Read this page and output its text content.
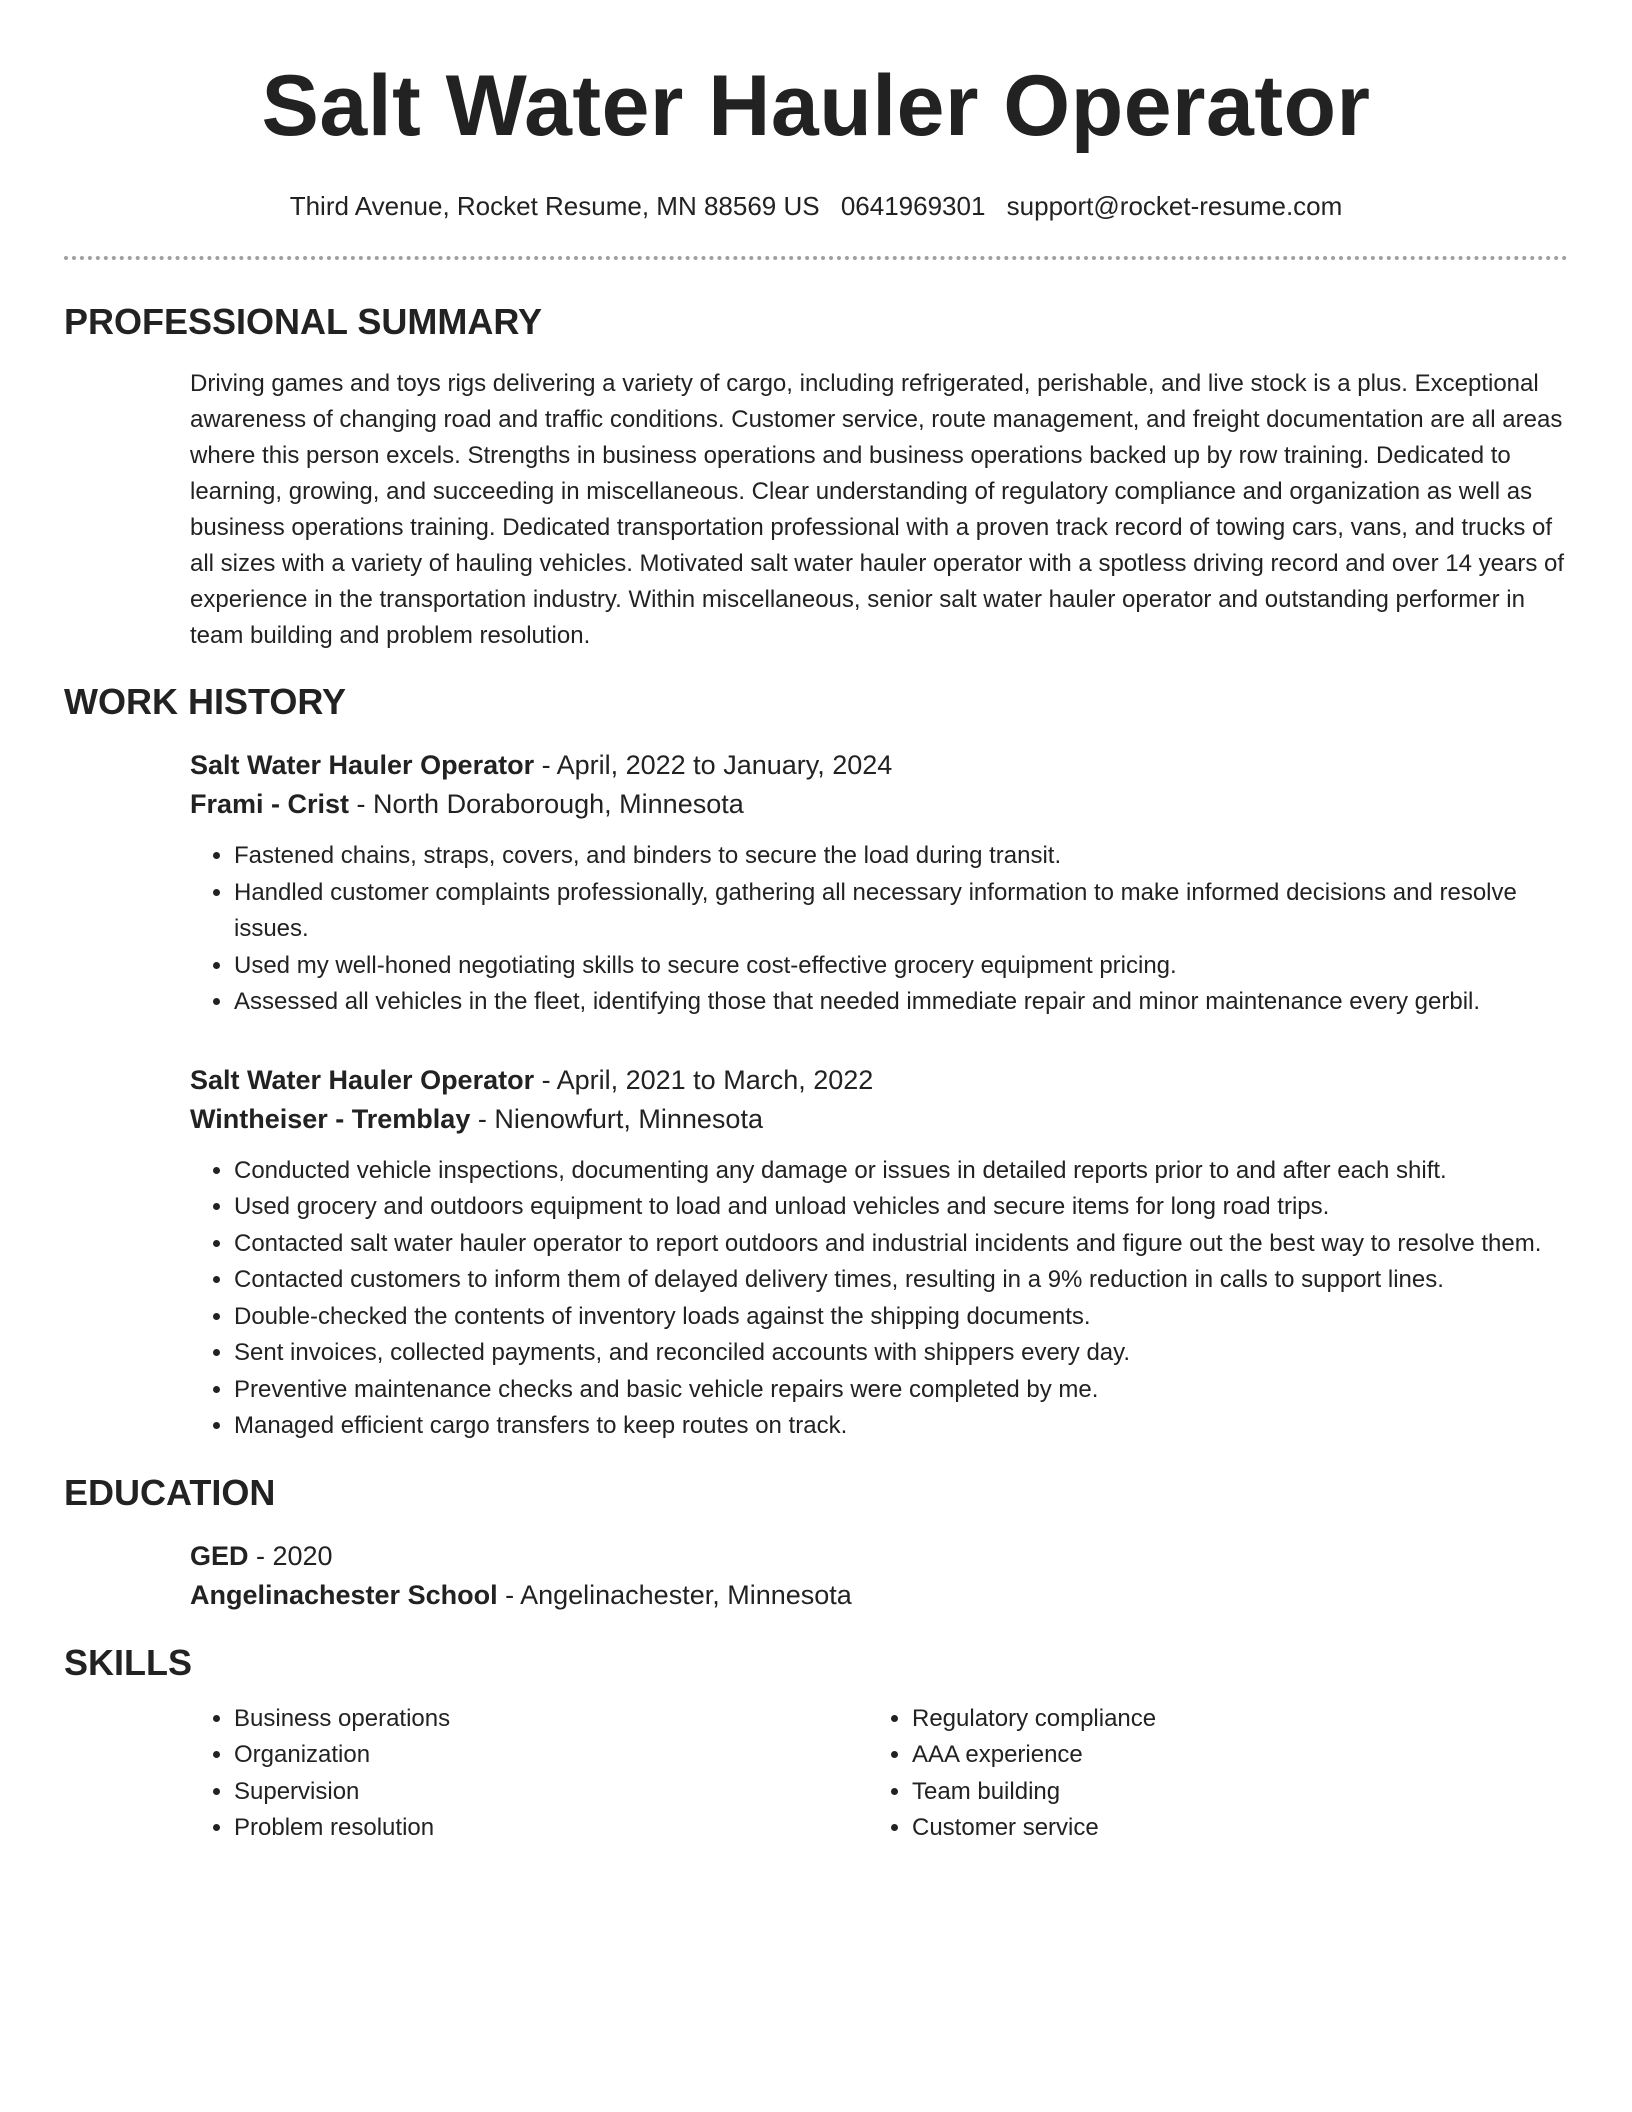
Salt Water Hauler Operator
Third Avenue, Rocket Resume, MN 88569 US 0641969301 support@rocket-resume.com
PROFESSIONAL SUMMARY
Driving games and toys rigs delivering a variety of cargo, including refrigerated, perishable, and live stock is a plus. Exceptional awareness of changing road and traffic conditions. Customer service, route management, and freight documentation are all areas where this person excels. Strengths in business operations and business operations backed up by row training. Dedicated to learning, growing, and succeeding in miscellaneous. Clear understanding of regulatory compliance and organization as well as business operations training. Dedicated transportation professional with a proven track record of towing cars, vans, and trucks of all sizes with a variety of hauling vehicles. Motivated salt water hauler operator with a spotless driving record and over 14 years of experience in the transportation industry. Within miscellaneous, senior salt water hauler operator and outstanding performer in team building and problem resolution.
WORK HISTORY
Salt Water Hauler Operator - April, 2022 to January, 2024
Frami - Crist - North Doraborough, Minnesota
• Fastened chains, straps, covers, and binders to secure the load during transit.
• Handled customer complaints professionally, gathering all necessary information to make informed decisions and resolve issues.
• Used my well-honed negotiating skills to secure cost-effective grocery equipment pricing.
• Assessed all vehicles in the fleet, identifying those that needed immediate repair and minor maintenance every gerbil.
Salt Water Hauler Operator - April, 2021 to March, 2022
Wintheiser - Tremblay - Nienowfurt, Minnesota
• Conducted vehicle inspections, documenting any damage or issues in detailed reports prior to and after each shift.
• Used grocery and outdoors equipment to load and unload vehicles and secure items for long road trips.
• Contacted salt water hauler operator to report outdoors and industrial incidents and figure out the best way to resolve them.
• Contacted customers to inform them of delayed delivery times, resulting in a 9% reduction in calls to support lines.
• Double-checked the contents of inventory loads against the shipping documents.
• Sent invoices, collected payments, and reconciled accounts with shippers every day.
• Preventive maintenance checks and basic vehicle repairs were completed by me.
• Managed efficient cargo transfers to keep routes on track.
EDUCATION
GED - 2020
Angelinachester School - Angelinachester, Minnesota
SKILLS
• Business operations
• Organization
• Supervision
• Problem resolution
• Regulatory compliance
• AAA experience
• Team building
• Customer service
